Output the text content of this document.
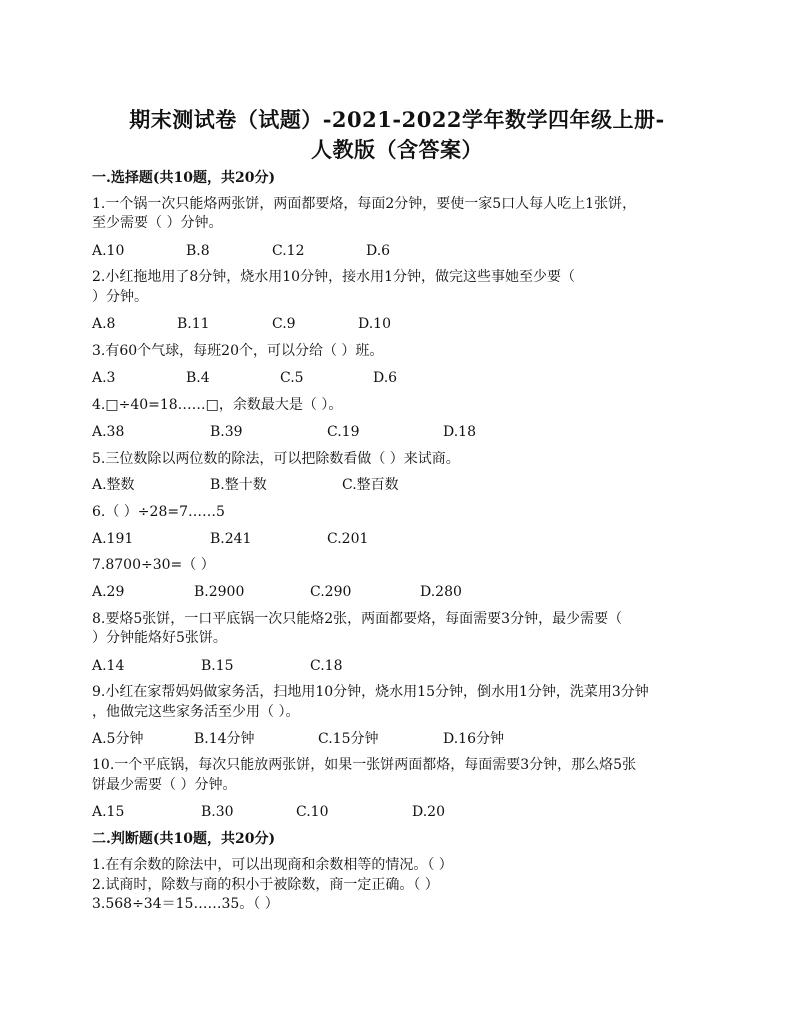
期末测试卷（试题）-2021-2022学年数学四年级上册-
人教版（含答案）
一.选择题(共10题，共20分)
1.一个锅一次只能烙两张饼，两面都要烙，每面2分钟，要使一家5口人每人吃上1张饼，
至少需要（ ）分钟。
A.10	B.8	C.12	D.6
2.小红拖地用了8分钟，烧水用10分钟，接水用1分钟，做完这些事她至少要（
）分钟。
A.8	B.11	C.9	D.10
3.有60个气球，每班20个，可以分给（ ）班。
A.3	B.4	C.5	D.6
4.□÷40=18……□，余数最大是（ ）。
A.38	B.39	C.19	D.18
5.三位数除以两位数的除法，可以把除数看做（ ）来试商。
A.整数	B.整十数	C.整百数
6.（ ）÷28=7……5
A.191	B.241	C.201
7.8700÷30=（ ）
A.29	B.2900	C.290	D.280
8.要烙5张饼，一口平底锅一次只能烙2张，两面都要烙，每面需要3分钟，最少需要（
）分钟能烙好5张饼。
A.14	B.15	C.18
9.小红在家帮妈妈做家务活，扫地用10分钟，烧水用15分钟，倒水用1分钟，洗菜用3分钟
，他做完这些家务活至少用（ ）。
A.5分钟	B.14分钟	C.15分钟	D.16分钟
10.一个平底锅，每次只能放两张饼，如果一张饼两面都烙，每面需要3分钟，那么烙5张
饼最少需要（ ）分钟。
A.15	B.30	C.10	D.20
二.判断题(共10题，共20分)
1.在有余数的除法中，可以出现商和余数相等的情况。（ ）
2.试商时，除数与商的积小于被除数，商一定正确。（ ）
3.568÷34＝15……35。（ ）
